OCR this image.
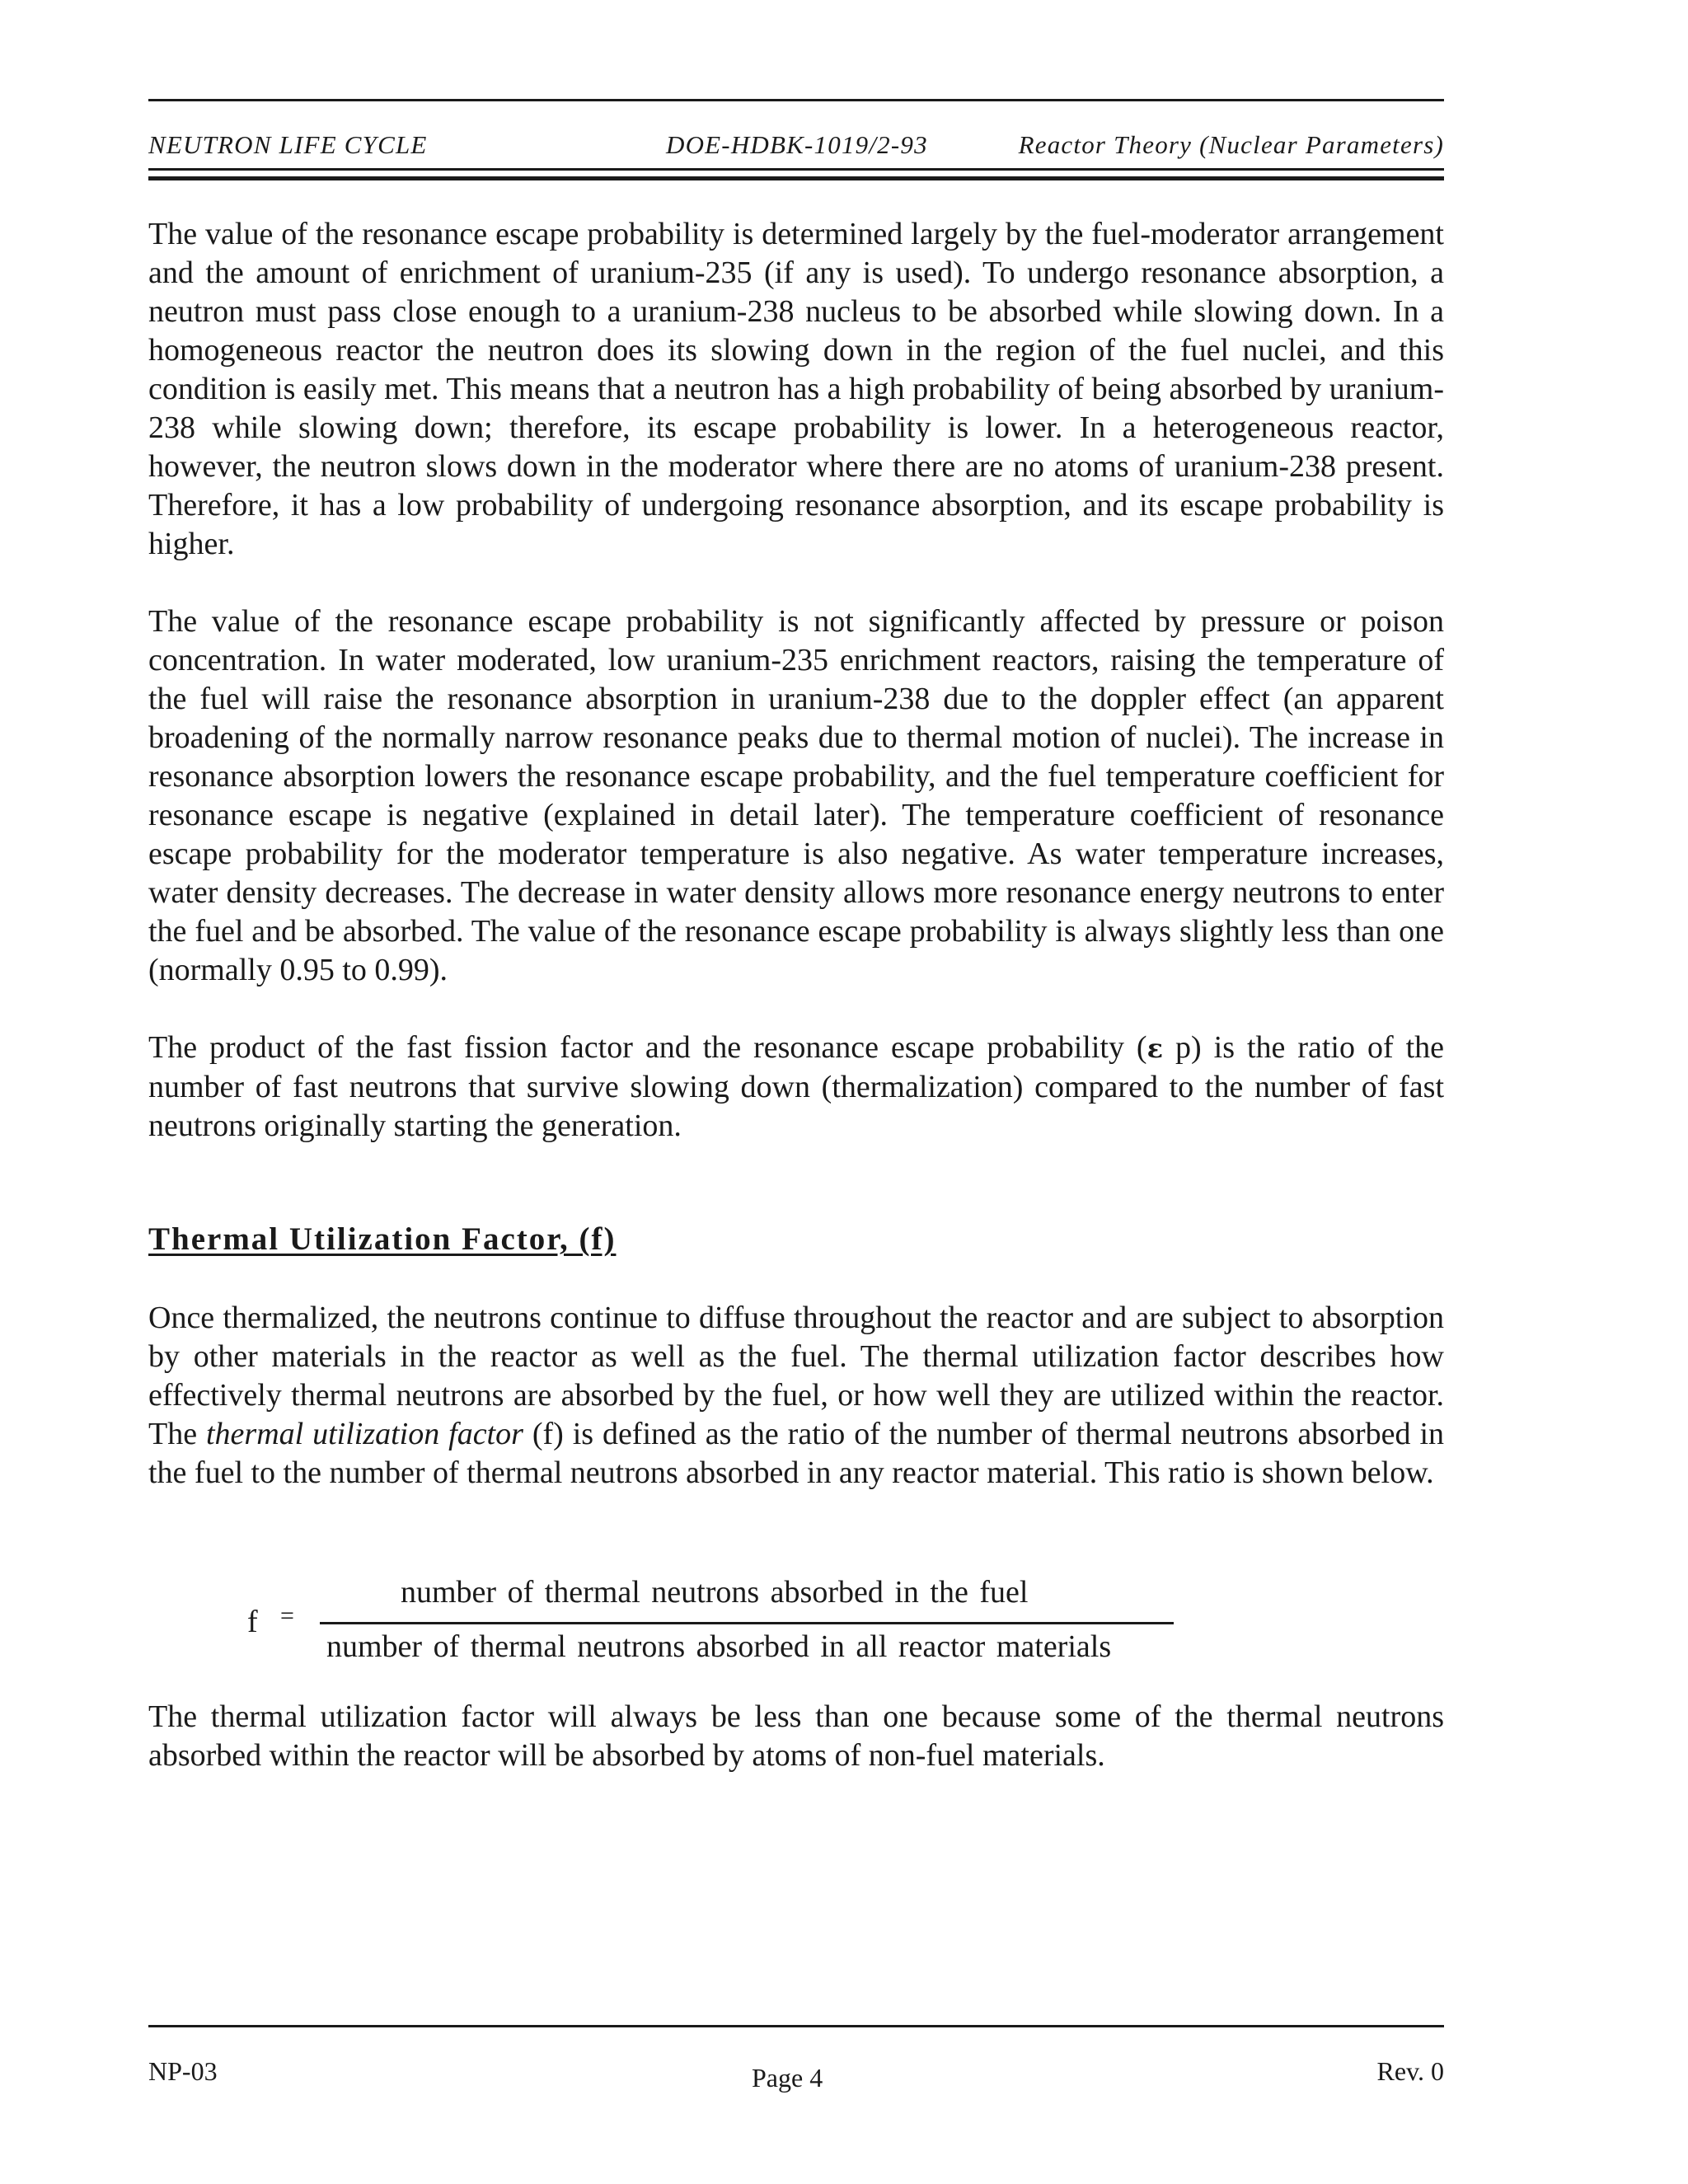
NEUTRON LIFE CYCLE	DOE-HDBK-1019/2-93	Reactor Theory (Nuclear Parameters)

The value of the resonance escape probability is determined largely by the fuel-moderator arrangement and the amount of enrichment of uranium-235 (if any is used). To undergo resonance absorption, a neutron must pass close enough to a uranium-238 nucleus to be absorbed while slowing down. In a homogeneous reactor the neutron does its slowing down in the region of the fuel nuclei, and this condition is easily met. This means that a neutron has a high probability of being absorbed by uranium-238 while slowing down; therefore, its escape probability is lower. In a heterogeneous reactor, however, the neutron slows down in the moderator where there are no atoms of uranium-238 present. Therefore, it has a low probability of undergoing resonance absorption, and its escape probability is higher.

The value of the resonance escape probability is not significantly affected by pressure or poison concentration. In water moderated, low uranium-235 enrichment reactors, raising the temperature of the fuel will raise the resonance absorption in uranium-238 due to the doppler effect (an apparent broadening of the normally narrow resonance peaks due to thermal motion of nuclei). The increase in resonance absorption lowers the resonance escape probability, and the fuel temperature coefficient for resonance escape is negative (explained in detail later). The temperature coefficient of resonance escape probability for the moderator temperature is also negative. As water temperature increases, water density decreases. The decrease in water density allows more resonance energy neutrons to enter the fuel and be absorbed. The value of the resonance escape probability is always slightly less than one (normally 0.95 to 0.99).

The product of the fast fission factor and the resonance escape probability (ε p) is the ratio of the number of fast neutrons that survive slowing down (thermalization) compared to the number of fast neutrons originally starting the generation.

Thermal Utilization Factor, (f)

Once thermalized, the neutrons continue to diffuse throughout the reactor and are subject to absorption by other materials in the reactor as well as the fuel. The thermal utilization factor describes how effectively thermal neutrons are absorbed by the fuel, or how well they are utilized within the reactor. The thermal utilization factor (f) is defined as the ratio of the number of thermal neutrons absorbed in the fuel to the number of thermal neutrons absorbed in any reactor material. This ratio is shown below.

f =
number of thermal neutrons absorbed in the fuel
number of thermal neutrons absorbed in all reactor materials

The thermal utilization factor will always be less than one because some of the thermal neutrons absorbed within the reactor will be absorbed by atoms of non-fuel materials.

NP-03	Page 4	Rev. 0
